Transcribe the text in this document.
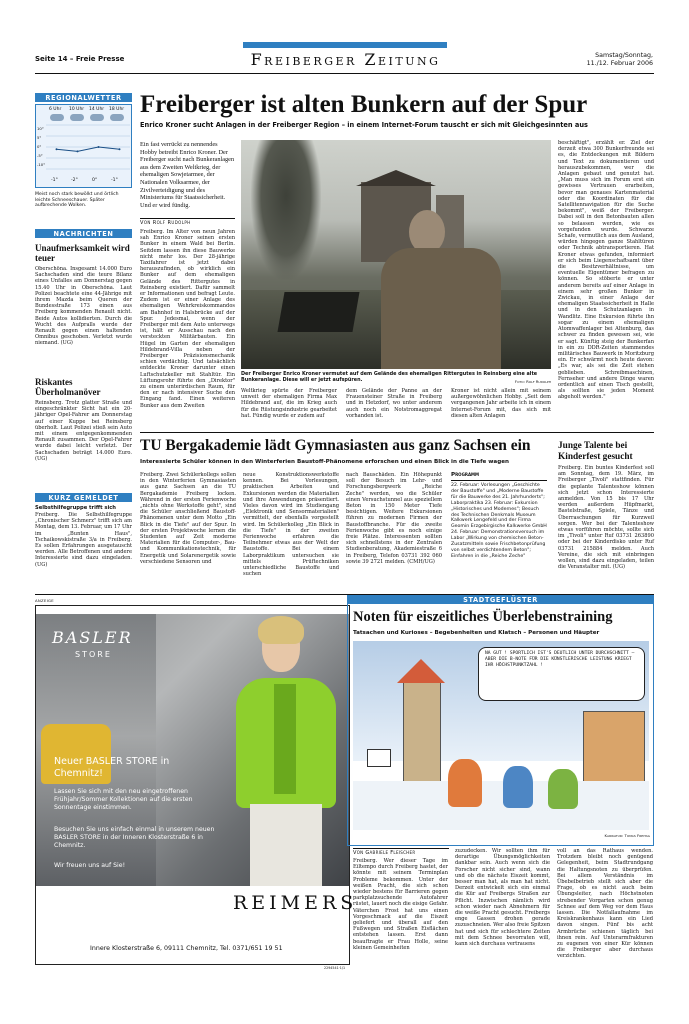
Seite 14 – Freie Presse	Freiberger Zeitung	Samstag/Sonntag,
11./12. Februar 2006
REGIONALWETTER
6 Uhr 10 Uhr 14 Uhr 18 Uhr
10°
5°
0°
-5°
-10°
-1°	-2°	0°	-1°
Meist noch stark bewölkt und örtlich leichte Schneeschauer. Später aufbrechende Wolken.
NACHRICHTEN
Unaufmerksamkeit wird teuer
Oberschöna. Insgesamt 14.000 Euro Sachschaden sind die teure Bilanz eines Unfalles am Donnerstag gegen 15.40 Uhr in Oberschöna. Laut Polizei beachtete eine 44-Jährige mit ihrem Mazda beim Queren der Bundesstraße 173 einen aus Freiberg kommenden Renault nicht. Beide Autos kollidierten. Durch die Wucht des Aufpralls wurde der Renault gegen einen haltenden Omnibus geschoben. Verletzt wurde niemand. (UG)
Riskantes Überholmanöver
Reinsberg. Trotz glatter Straße und eingeschränkter Sicht hat ein 20-jähriger Opel-Fahrer am Donnerstag auf einer Kuppe bei Reinsberg überholt. Laut Polizei stieß sein Auto mit einem entgegenkommenden Renault zusammen. Der Opel-Fahrer wurde dabei leicht verletzt. Der Sachschaden beträgt 14.000 Euro. (UG)
KURZ GEMELDET
Selbsthilfegruppe trifft sich
Freiberg. Die Selbsthilfegruppe „Chronischer Schmerz" trifft sich am Montag, dem 13. Februar, um 17 Uhr im „Bunten Haus", Tschaikowskistraße 3/a in Freiberg. Es sollen Erfahrungen ausgetauscht werden. Alle Betroffenen und andere Interessierte sind dazu eingeladen. (UG)
Freiberger ist alten Bunkern auf der Spur
Enrico Kroner sucht Anlagen in der Freiberger Region – in einem Internet-Forum tauscht er sich mit Gleichgesinnten aus
Ein fast verrückt zu nennendes Hobby betreibt Enrico Kroner. Der Freiberger sucht nach Bunkeranlagen aus dem Zweiten Weltkrieg, der ehemaligen Sowjetarmee, der Nationalen Volksarmee, der Zivilverteidigung und des Ministeriums für Staatssicherheit. Und er wird fündig.
Von Rolf Rudolph
Freiberg. Im Alter von neun Jahren sah Enrico Kroner seinen ersten Bunker in einem Wald bei Berlin. Seitdem lassen ihn diese Bauwerke nicht mehr los. Der 28-jährige Taxifahrer ist jetzt dabei herauszufinden, ob wirklich ein Bunker auf dem ehemaligen Gelände des Rittergutes in Reinsberg existiert. Dafür sammelt er Informationen und befragt Leute. Zudem ist er einer Anlage des ehemaligen Wehrkreiskommandos am Bahnhof in Halsbrücke auf der Spur. Jedesmal, wenn der Freiberger mit dem Auto unterwegs ist, hält er Ausschau nach den versteckten Militärbauten. Ein Hügel im Garten der ehemaligen Hildebrand-Villa neben der Freiberger Präzisionsmechanik schien verdächtig. Und tatsächlich entdeckte Kroner darunter einen Luftschutzkeller mit Stahltür. Ein Lüftungsrohr führte den „Direktor" zu einem unterirdischen Raum, für den er nach intensiver Suche den Eingang fand. Einen weiteren Bunker aus dem Zweiten
Der Freiberger Enrico Kroner vermutet auf dem Gelände des ehemaligen Rittergutes in Reinsberg eine alte Bunkeranlage. Diese will er jetzt aufspüren.	Foto: Rolf Rudolph
Weltkrieg spürte der Freiberger unweit der ehemaligen Firma Max Hildebrand auf, die im Krieg auch für die Rüstungsindustrie gearbeitet hat. Fündig wurde er zudem auf
dem Gelände der Panne an der Frauensteiner Straße in Freiberg und in Hetzdorf, wo unter anderem auch noch ein Notstromaggregat vorhanden ist.
Kroner ist nicht allein mit seinem außergewöhnlichen Hobby. „Seit dem vergangenen Jahr arbeite ich in einem Internet-Forum mit, das sich mit diesen alten Anlagen
beschäftigt", erzählt er. Ziel der derzeit etwa 300 Bunkerfreunde sei es, die Entdeckungen mit Bildern und Text zu dokumentieren und herauszubekommen, wer die Anlagen gebaut und genutzt hat. „Man muss sich im Forum erst ein gewisses Vertrauen erarbeiten, bevor man genaues Kartenmaterial oder die Koordinaten für die Satellitennavigation für die Suche bekommt", weiß der Freiberger. Dabei soll in den Betonbauten allen so belassen werden, wie es vorgefunden wurde. Schwarze Schafe, vermutlich aus dem Ausland, würden hingegen ganze Stahltüren oder Technik abtransportieren. Hat Kroner etwas gefunden, informiert er sich beim Liegenschaftsamt über die Besitzverhältnisse, um eventuelle Eigentümer befragen zu können. So stöberte er unter anderem bereits auf einer Anlage in einem sehr großen Bunker in Zwickau, in einer Anlage der ehemaligen Staatssicherheit in Halle und in den Schutzanlagen in Wandlitz. Eine Exkursion führte ihn sogar zu einem ehemaligen Atomwaffenlager bei Altenburg, das schwer zu finden gewesen sei, wie er sagt. Künftig steig der Bunkerfan in ein zu DDR-Zeiten stammendes militärisches Bauwerk in Moritzburg ein. Er schwärmt noch heute davon: „Es war, als sei die Zeit stehen geblieben. Schreibmaschinen, Fernseher und andere Dinge waren ordentlich auf einen Tisch gestellt, als sollten sie jeden Moment abgeholt werden."
TU Bergakademie lädt Gymnasiasten aus ganz Sachsen ein
Interessierte Schüler können in den Winterferien Baustoff-Phänomene erforschen und einen Blick in die Tiefe wagen
Freiberg. Zwei Schülerkollegs sollen in den Winterferien Gymnasiasten aus ganz Sachsen an die TU Bergakademie Freiberg locken. Während in der ersten Ferienwoche „nichts ohne Werkstoffe geht", sind die Schüler anschließend Baustoff-Phänomenen unter dem Motto „Ein Blick in die Tiefe" auf der Spur. In der ersten Projektwoche lernen die Studenten auf Zeit moderne Materialien für die Computer-, Bau- und Kommunikationstechnik, für Energetik und Solarenergetik sowie verschiedene Sensoren und
neue Konstruktionswerkstoffe kennen. Bei Vorlesungen, praktischen Arbeiten und Exkursionen werden die Materialien und ihre Anwendungen präsentiert. Vieles davon wird im Studiengang „Elektronik und Sensormaterialien" vermittelt, der ebenfalls vorgestellt wird. Im Schülerkolleg „Ein Blick in die Tiefe" in der zweiten Ferienwoche erfahren die Teilnehmer etwas aus der Welt der Baustoffe. Bei einem Laborpraktikum untersuchen sie mittels Prüftechniken unterschiedliche Baustoffe und suchen
nach Bauschäden. Ein Höhepunkt soll der Besuch im Lehr- und Forschungsbergwerk „Reiche Zeche" werden, wo die Schüler einen Versuchstunnel aus speziellem Beton in 150 Meter Tiefe besichtigen. Weitere Exkursionen führen zu modernen Firmen der Baustoffbranche. Für die zweite Ferienwoche gibt es noch einige freie Plätze. Interessenten sollten sich schnellstens in der Zentralen Studienberatung, Akademiestraße 6 in Freiberg, Telefon 03731 392 060 sowie 39 2721 melden. (CMH/UG)
Programm
22. Februar: Vorlesungen „Geschichte der Baustoffe" und „Moderne Baustoffe für die Bauwerke des 21. Jahrhunderts"; Laborpraktika 23. Februar: Exkursion „Historisches und Modernes"; Besuch des Technischen Denkmals Museum Kalkwerk Lengefeld und der Firma Geomin Erzgebirgische Kalkwerke GmbH 24. Februar: Demonstrationsversuch im Labor „Wirkung von chemischen Beton-Zusatzmitteln sowie Frischbetonprüfung von selbst verdichtendem Beton"; Einfahren in die „Reiche Zeche"
Junge Talente bei Kinderfest gesucht
Freiberg. Ein buntes Kinderfest soll am Sonntag, dem 19. März, im Freiberger „Tivoli" stattfinden. Für die geplante Talenteshow können sich jetzt schon Interessierte anmelden. Von 15 bis 17 Uhr werden außerdem Hüpfmarkt, Bastelstraße, Spiele, Tänze und Überraschungen für Kurzweil sorgen. Wer bei der Talenteshow etwas vorführen möchte, sollte sich im „Tivoli" unter Ruf 03731 263890 oder bei der Kinderdisko unter Ruf 03731 215884 melden. Auch Vereine, die sich mit einbringen wollen, sind dazu eingeladen, teilen die Veranstalter mit. (UG)
ANZEIGE
BASLER
STORE
Neuer BASLER STORE in
Chemnitz!
Lassen Sie sich mit den neu eingetroffenen Frühjahr/Sommer Kollektionen auf die ersten Sonnentage einstimmen.
Besuchen Sie uns einfach einmal in unserem neuen BASLER STORE in der Inneren Klosterstraße 6 in Chemnitz.
Wir freuen uns auf Sie!
REIMERS
Innere Klosterstraße 6, 09111 Chemnitz, Tel. 0371/651 19 51
STADTGEFLÜSTER
Noten für eiszeitliches Überlebenstraining
Tatsachen und Kurioses – Begebenheiten und Klatsch – Personen und Häupter
NA GUT ! SPORTLICH IST'S DEUTLICH UNTER DURCHSCHNITT – ABER DIE B-NOTE FÜR DIE KÜNSTLERISCHE LEISTUNG KRIEGT IHR HÖCHSTPUNKTZAHL !
Karikatur: Tomas Freitag
Von Gabriele Fleischer
Freiberg. Wer dieser Tage im Eiltempo durch Freiberg hastet, der könnte mit seinem Terminplan Probleme bekommen. Unter der weißen Pracht, die sich schon wieder bestens für Barrieren gegen parkplatzsuchende Autofahrer rüstet, lauert noch die eisige Gefahr. Väterchen Frost hat uns einen Vorgeschmack auf die Eiszeit geliefert und überall auf den Fußwegen und Straßen Eisflächen entstehen lassen. Erst dann beauftragte er Frau Holle, seine kleinen Gemeinheiten
zuzudecken. Wir sollten ihm für derartige Übungsmöglichkeiten dankbar sein. Auch wenn sich die Forscher nicht sicher sind, wann und ob die nächste Eiszeit kommt, besser man hat, als man hat nicht. Derzeit entwickelt sich ein einmal die Kür auf Freibergs Straßen zur Pflicht. Inzwischen nämlich wird schon wieder nach Abnehmern für die weiße Pracht gesucht. Freibergs enge Gassen drohen gerade zuzuschneien. Wer also freie Spitzen hat und sich für schlechtere Zeiten mit dem Schnee bevorraten will, kann sich durchaus vertrauens
voll an das Rathaus wenden. Trotzdem bleibt noch genügend Gelegenheit, beim Stadtrundgang die Haltungsnoten zu überprüfen. Bei allem Verständnis im Übebelbetrieb stellt sich aber die Frage, ob es nicht auch beim Übungsleiter, nach Höchstnoten strebender Vorgarten schon genug Schnee auf dem Weg vor dem Haus lassen. Die Notfallaufnahme im Kreiskrankenhaus kann ein Lied davon singen. Fünf bis acht Armbrüche schienen täglich bei ihnen rein. Auf Unterarmfrakturen zu eugenen von einer Kür können die Freiberger aber durchaus verzichten.
2294541·1/1
